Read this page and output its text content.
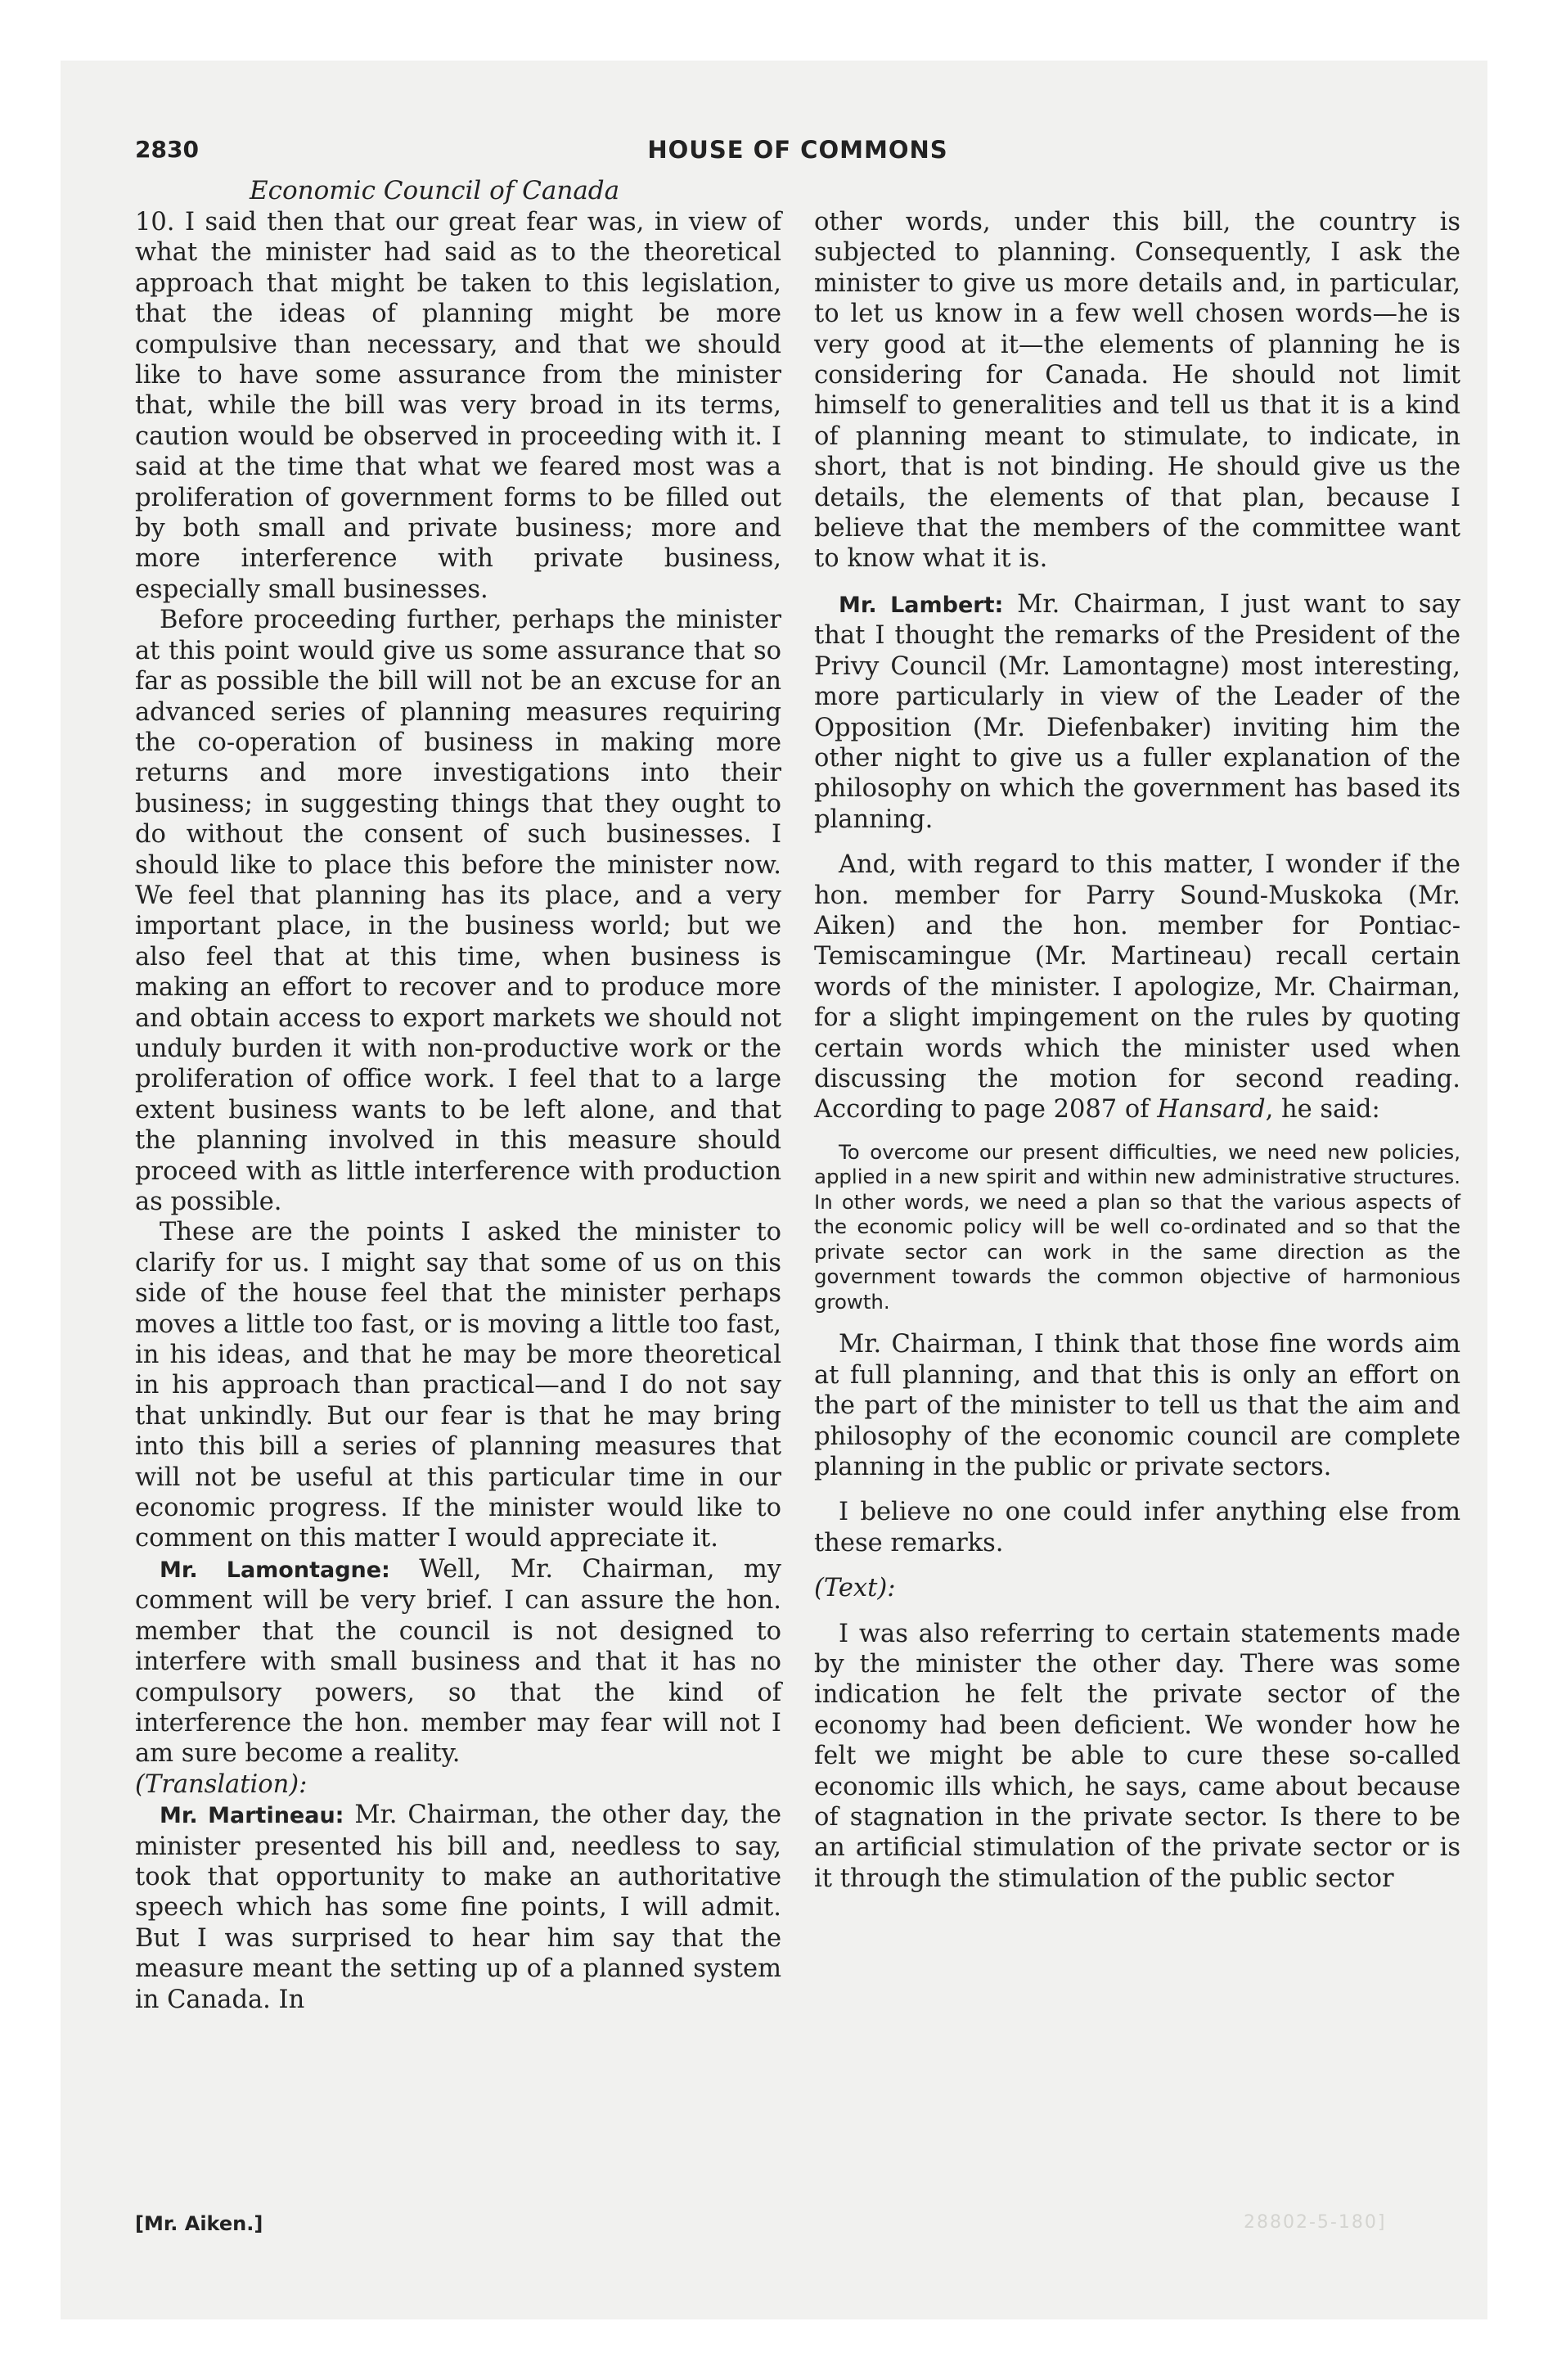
2830	HOUSE OF COMMONS
Economic Council of Canada

10. I said then that our great fear was, in view of what the minister had said as to the theoretical approach that might be taken to this legislation, that the ideas of planning might be more compulsive than necessary, and that we should like to have some assurance from the minister that, while the bill was very broad in its terms, caution would be observed in proceeding with it. I said at the time that what we feared most was a proliferation of government forms to be filled out by both small and private business; more and more interference with private business, especially small businesses.

Before proceeding further, perhaps the minister at this point would give us some assurance that so far as possible the bill will not be an excuse for an advanced series of planning measures requiring the co-operation of business in making more returns and more investigations into their business; in suggesting things that they ought to do without the consent of such businesses. I should like to place this before the minister now. We feel that planning has its place, and a very important place, in the business world; but we also feel that at this time, when business is making an effort to recover and to produce more and obtain access to export markets we should not unduly burden it with non-productive work or the proliferation of office work. I feel that to a large extent business wants to be left alone, and that the planning involved in this measure should proceed with as little interference with production as possible.

These are the points I asked the minister to clarify for us. I might say that some of us on this side of the house feel that the minister perhaps moves a little too fast, or is moving a little too fast, in his ideas, and that he may be more theoretical in his approach than practical—and I do not say that unkindly. But our fear is that he may bring into this bill a series of planning measures that will not be useful at this particular time in our economic progress. If the minister would like to comment on this matter I would appreciate it.

Mr. Lamontagne: Well, Mr. Chairman, my comment will be very brief. I can assure the hon. member that the council is not designed to interfere with small business and that it has no compulsory powers, so that the kind of interference the hon. member may fear will not I am sure become a reality.

(Translation):

Mr. Martineau: Mr. Chairman, the other day, the minister presented his bill and, needless to say, took that opportunity to make an authoritative speech which has some fine points, I will admit. But I was surprised to hear him say that the measure meant the setting up of a planned system in Canada. In

other words, under this bill, the country is subjected to planning. Consequently, I ask the minister to give us more details and, in particular, to let us know in a few well chosen words—he is very good at it—the elements of planning he is considering for Canada. He should not limit himself to generalities and tell us that it is a kind of planning meant to stimulate, to indicate, in short, that is not binding. He should give us the details, the elements of that plan, because I believe that the members of the committee want to know what it is.

Mr. Lambert: Mr. Chairman, I just want to say that I thought the remarks of the President of the Privy Council (Mr. Lamontagne) most interesting, more particularly in view of the Leader of the Opposition (Mr. Diefenbaker) inviting him the other night to give us a fuller explanation of the philosophy on which the government has based its planning.

And, with regard to this matter, I wonder if the hon. member for Parry Sound-Muskoka (Mr. Aiken) and the hon. member for Pontiac-Temiscamingue (Mr. Martineau) recall certain words of the minister. I apologize, Mr. Chairman, for a slight impingement on the rules by quoting certain words which the minister used when discussing the motion for second reading. According to page 2087 of Hansard, he said:

To overcome our present difficulties, we need new policies, applied in a new spirit and within new administrative structures. In other words, we need a plan so that the various aspects of the economic policy will be well co-ordinated and so that the private sector can work in the same direction as the government towards the common objective of harmonious growth.

Mr. Chairman, I think that those fine words aim at full planning, and that this is only an effort on the part of the minister to tell us that the aim and philosophy of the economic council are complete planning in the public or private sectors.

I believe no one could infer anything else from these remarks.

(Text):

I was also referring to certain statements made by the minister the other day. There was some indication he felt the private sector of the economy had been deficient. We wonder how he felt we might be able to cure these so-called economic ills which, he says, came about because of stagnation in the private sector. Is there to be an artificial stimulation of the private sector or is it through the stimulation of the public sector

[Mr. Aiken.]	28802-5-180]
